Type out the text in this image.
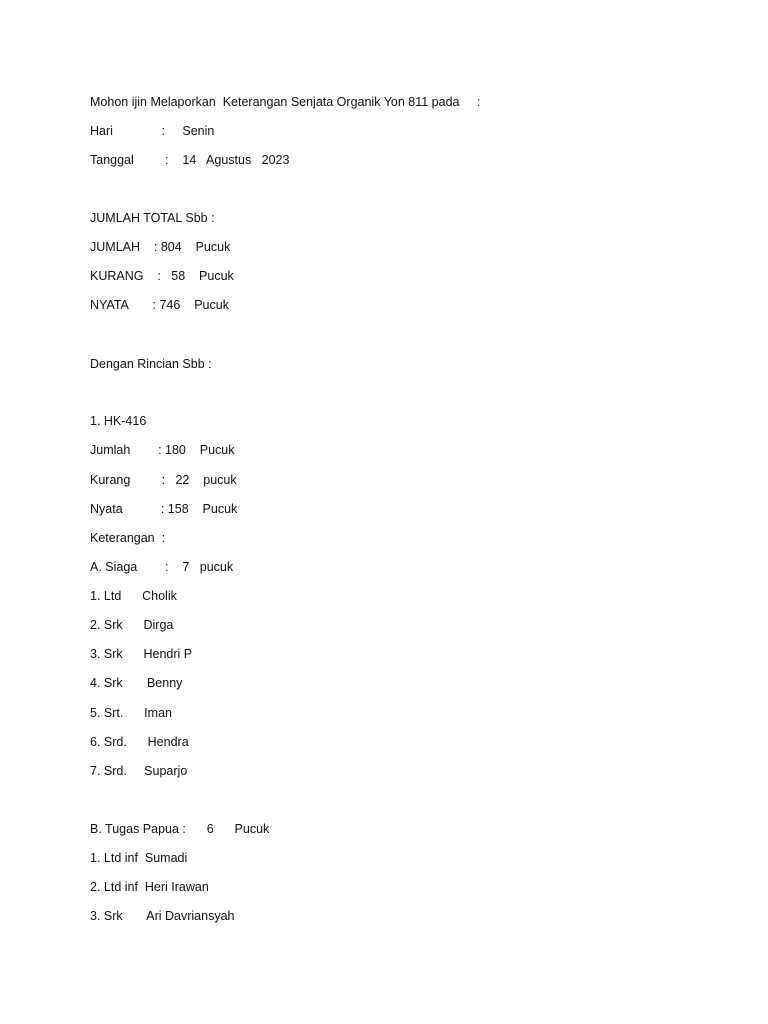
Mohon ijin Melaporkan  Keterangan Senjata Organik Yon 811 pada     :
Hari              :     Senin
Tanggal         :    14   Agustus   2023
JUMLAH TOTAL Sbb :
JUMLAH    : 804    Pucuk
KURANG    :   58    Pucuk
NYATA       : 746    Pucuk
Dengan Rincian Sbb :
1. HK-416
Jumlah        : 180    Pucuk
Kurang         :   22    pucuk
Nyata           : 158    Pucuk
Keterangan  :
A. Siaga        :    7   pucuk
1. Ltd      Cholik
2. Srk      Dirga
3. Srk      Hendri P
4. Srk       Benny
5. Srt.      Iman
6. Srd.      Hendra
7. Srd.     Suparjo
B. Tugas Papua :      6      Pucuk
1. Ltd inf  Sumadi
2. Ltd inf  Heri Irawan
3. Srk       Ari Davriansyah
